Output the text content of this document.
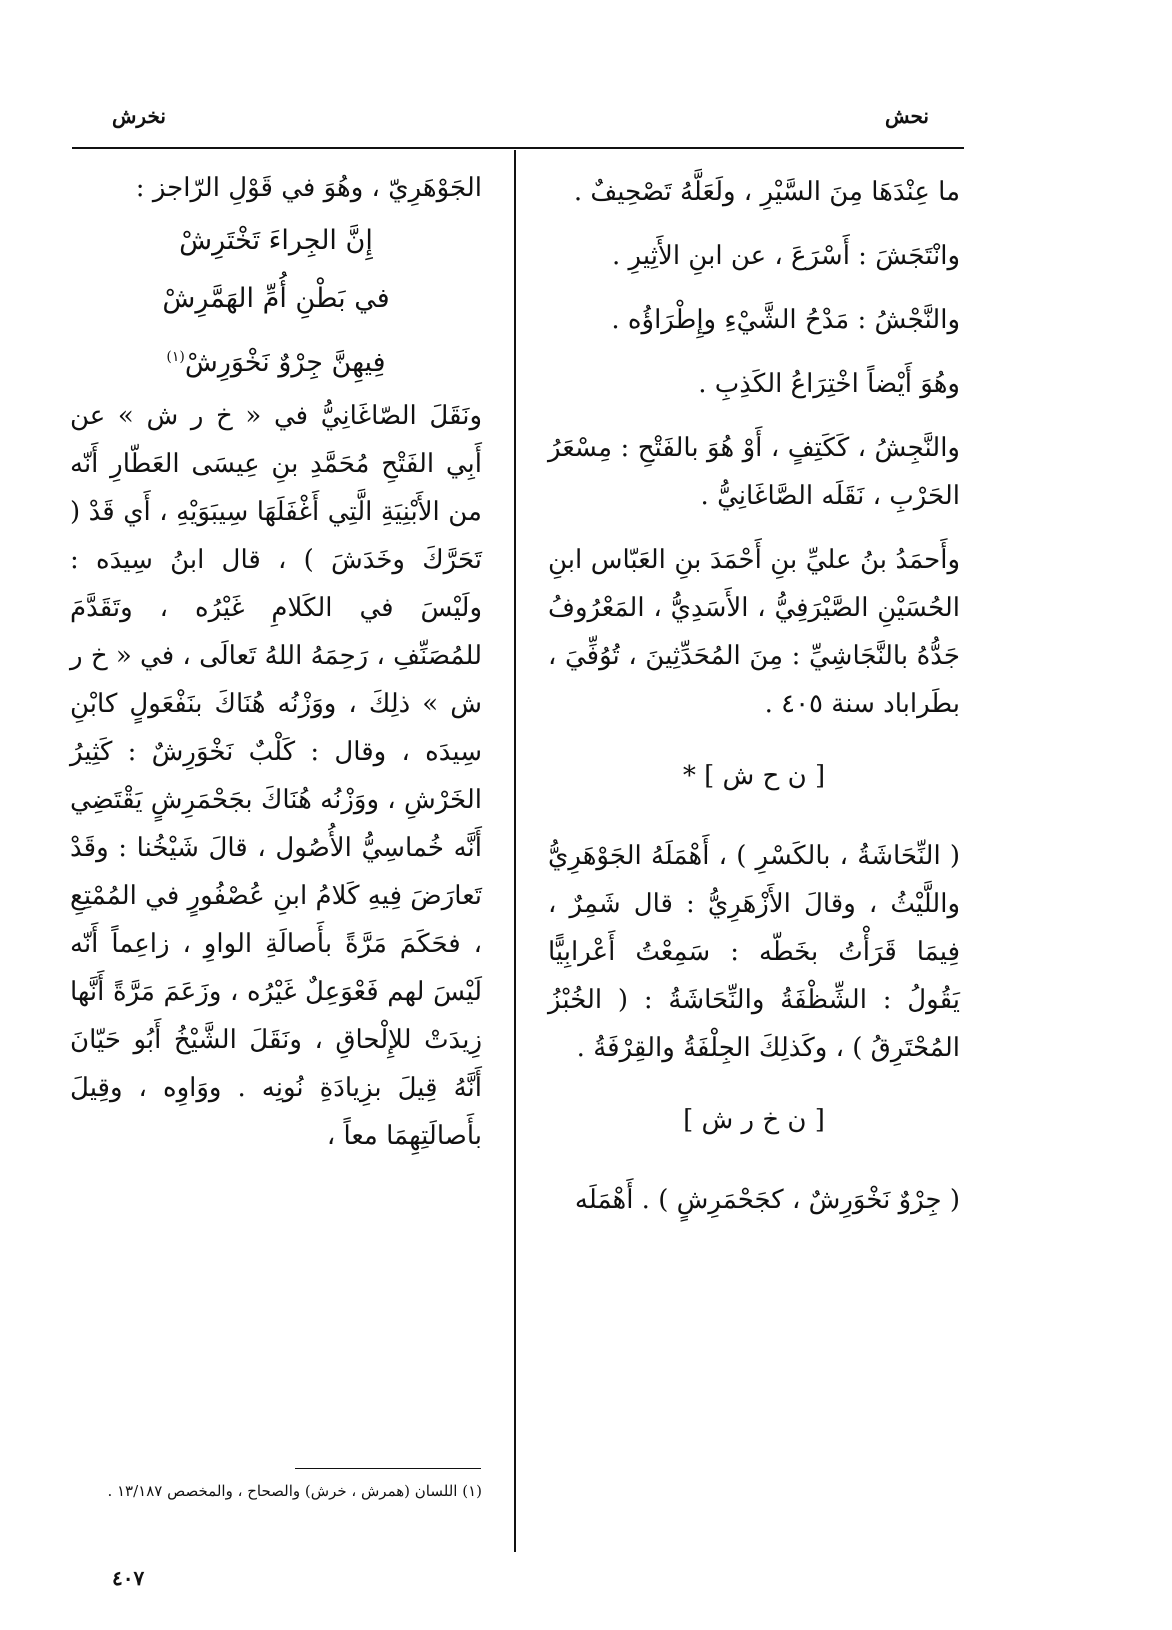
نحش
نخرش

ما عِنْدَهَا مِنَ السَّيْرِ ، ولَعَلَّهُ تَصْحِيفٌ .

وانْتَجَشَ : أَسْرَعَ ، عن ابنِ الأَثِيرِ .

والنَّجْشُ : مَدْحُ الشَّيْءِ وإِطْرَاؤُه .

وهُوَ أَيْضاً اخْتِرَاعُ الكَذِبِ .

والنَّجِشُ ، كَكَتِفٍ ، أَوْ هُوَ بالفَتْحِ : مِسْعَرُ الحَرْبِ ، نَقَلَه الصَّاغَانِيُّ .

وأَحمَدُ بنُ عليِّ بنِ أَحْمَدَ بنِ العَبّاس ابنِ الحُسَيْنِ الصَّيْرَفِيُّ ، الأَسَدِيُّ ، المَعْرُوفُ جَدُّهُ بالنَّجَاشِيِّ : مِنَ المُحَدِّثِينَ ، تُوُفِّيَ ، بطَراباد سنة ٤٠٥ .

[ ن ح ش ] *

( النِّحَاشَةُ ، بالكَسْرِ ) ، أَهْمَلَهُ الجَوْهَرِيُّ واللَّيْثُ ، وقالَ الأَزْهَرِيُّ : قال شَمِرٌ ، فِيمَا قَرَأْتُ بخَطّه : سَمِعْتُ أَعْرابِيًّا يَقُولُ : الشِّظْفَةُ والنِّحَاشَةُ : ( الخُبْزُ المُحْتَرِقُ ) ، وكَذلِكَ الجِلْفَةُ والقِرْفَةُ .

[ ن خ ر ش ]

( جِرْوٌ نَخْوَرِشٌ ، كجَحْمَرِشٍ ) . أَهْمَلَه

الجَوْهَرِيّ ، وهُوَ في قَوْلِ الرّاجز :

إِنَّ الجِراءَ تَخْتَرِشْ
في بَطْنِ أُمِّ الهَمَّرِشْ
فِيهِنَّ جِرْوٌ نَخْوَرِشْ$^{(١)}$

ونَقَلَ الصّاغَانِيُّ في « خ ر ش » عن أَبِي الفَتْحِ مُحَمَّدِ بنِ عِيسَى العَطّارِ أَنّه من الأَبْنِيَةِ الَّتِي أَغْفَلَهَا سِيبَوَيْهِ ، أَي قَدْ ( تَحَرَّكَ وخَدَشَ ) ، قال ابنُ سِيدَه : ولَيْسَ في الكَلامِ غَيْرُه ، وتَقَدَّمَ للمُصَنِّفِ ، رَحِمَهُ اللهُ تَعالَى ، في « خ ر ش » ذلِكَ ، ووَزْنُه هُنَاكَ بنَفْعَولٍ كابْنِ سِيدَه ، وقال : كَلْبٌ نَخْوَرِشٌ : كَثِيرُ الخَرْشِ ، ووَزْنُه هُنَاكَ بجَحْمَرِشٍ يَقْتَضِي أَنَّه خُماسِيُّ الأُصُول ، قالَ شَيْخُنا : وقَدْ تَعارَضَ فِيهِ كَلامُ ابنِ عُصْفُورٍ في المُمْتِعِ ، فحَكَمَ مَرَّةً بأَصالَةِ الواوِ ، زاعِماً أَنّه لَيْسَ لهم فَعْوَعِلٌ غَيْرُه ، وزَعَمَ مَرَّةً أَنَّها زِيدَتْ للإِلْحاقِ ، ونَقَلَ الشَّيْخُ أَبُو حَيّانَ أَنَّهُ قِيلَ بزِيادَةِ نُونِه . ووَاوِه ، وقِيلَ بأَصالَتِهِمَا معاً ،

(١) اللسان (همرش ، خرش) والصحاح ، والمخصص ١٣/١٨٧ .
٤٠٧
